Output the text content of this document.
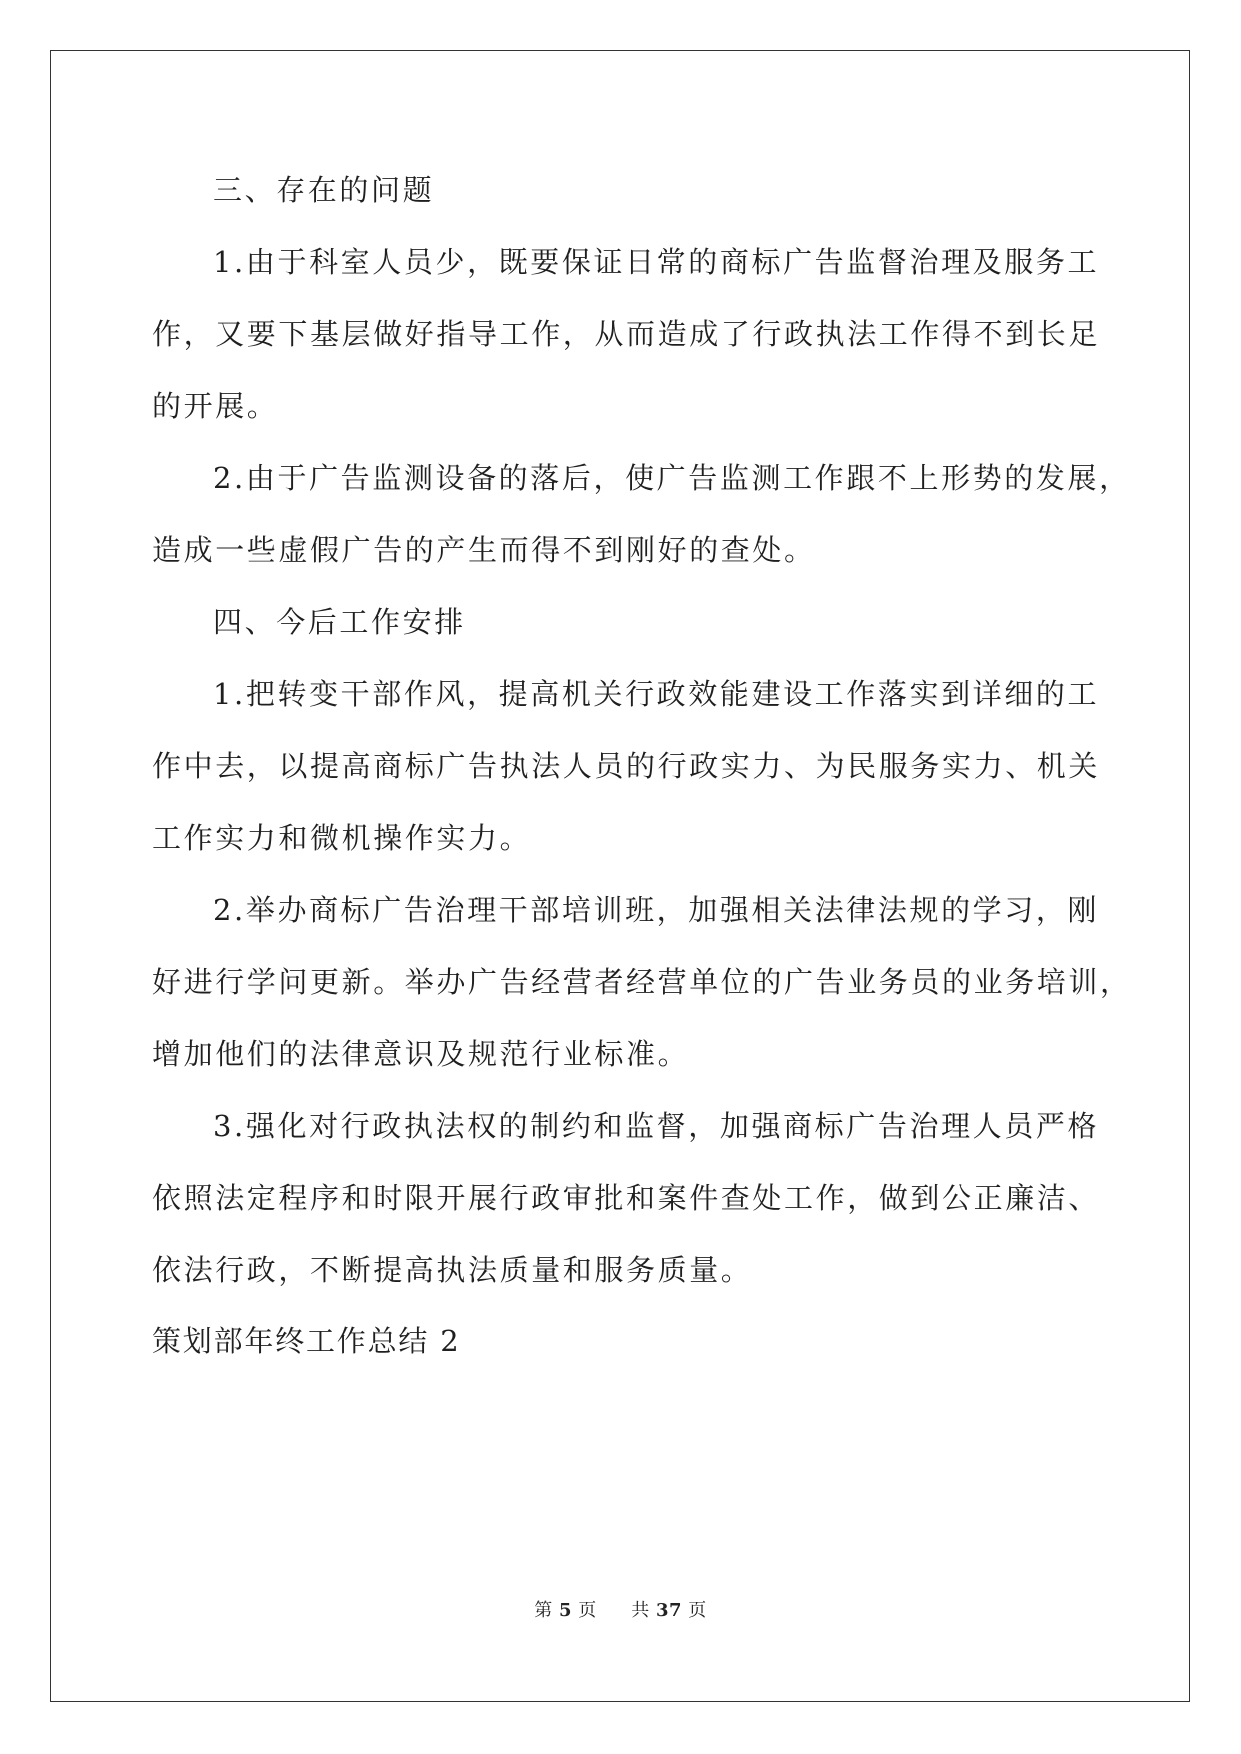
三、存在的问题
1.由于科室人员少，既要保证日常的商标广告监督治理及服务工
作，又要下基层做好指导工作，从而造成了行政执法工作得不到长足
的开展。
2.由于广告监测设备的落后，使广告监测工作跟不上形势的发展，
造成一些虚假广告的产生而得不到刚好的查处。
四、今后工作安排
1.把转变干部作风，提高机关行政效能建设工作落实到详细的工
作中去，以提高商标广告执法人员的行政实力、为民服务实力、机关
工作实力和微机操作实力。
2.举办商标广告治理干部培训班，加强相关法律法规的学习，刚
好进行学问更新。举办广告经营者经营单位的广告业务员的业务培训，
增加他们的法律意识及规范行业标准。
3.强化对行政执法权的制约和监督，加强商标广告治理人员严格
依照法定程序和时限开展行政审批和案件查处工作，做到公正廉洁、
依法行政，不断提高执法质量和服务质量。
策划部年终工作总结 2
第 5 页 共 37 页
